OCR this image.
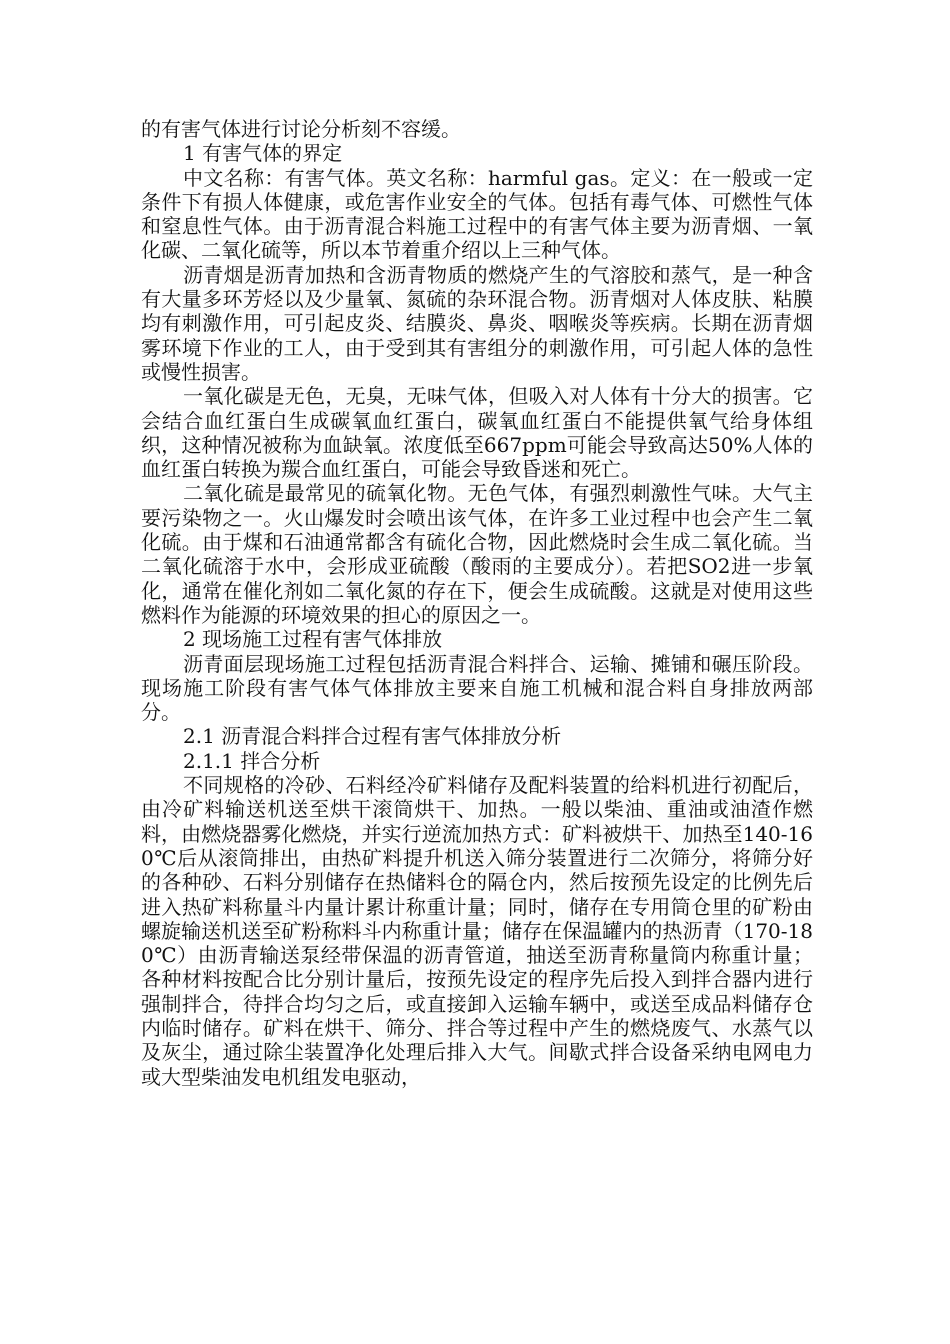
的有害气体进行讨论分析刻不容缓。

1 有害气体的界定

中文名称：有害气体。英文名称：harmful gas。定义：在一般或一定条件下有损人体健康，或危害作业安全的气体。包括有毒气体、可燃性气体和窒息性气体。由于沥青混合料施工过程中的有害气体主要为沥青烟、一氧化碳、二氧化硫等，所以本节着重介绍以上三种气体。

沥青烟是沥青加热和含沥青物质的燃烧产生的气溶胶和蒸气，是一种含有大量多环芳烃以及少量氧、氮硫的杂环混合物。沥青烟对人体皮肤、粘膜均有刺激作用，可引起皮炎、结膜炎、鼻炎、咽喉炎等疾病。长期在沥青烟雾环境下作业的工人，由于受到其有害组分的刺激作用，可引起人体的急性或慢性损害。

一氧化碳是无色，无臭，无味气体，但吸入对人体有十分大的损害。它会结合血红蛋白生成碳氧血红蛋白，碳氧血红蛋白不能提供氧气给身体组织，这种情况被称为血缺氧。浓度低至667ppm可能会导致高达50%人体的血红蛋白转换为羰合血红蛋白，可能会导致昏迷和死亡。

二氧化硫是最常见的硫氧化物。无色气体，有强烈刺激性气味。大气主要污染物之一。火山爆发时会喷出该气体，在许多工业过程中也会产生二氧化硫。由于煤和石油通常都含有硫化合物，因此燃烧时会生成二氧化硫。当二氧化硫溶于水中，会形成亚硫酸（酸雨的主要成分）。若把SO2进一步氧化，通常在催化剂如二氧化氮的存在下，便会生成硫酸。这就是对使用这些燃料作为能源的环境效果的担心的原因之一。

2 现场施工过程有害气体排放

沥青面层现场施工过程包括沥青混合料拌合、运输、摊铺和碾压阶段。现场施工阶段有害气体气体排放主要来自施工机械和混合料自身排放两部分。

2.1 沥青混合料拌合过程有害气体排放分析

2.1.1 拌合分析

不同规格的冷砂、石料经冷矿料储存及配料装置的给料机进行初配后，由冷矿料输送机送至烘干滚筒烘干、加热。一般以柴油、重油或油渣作燃料，由燃烧器雾化燃烧，并实行逆流加热方式：矿料被烘干、加热至140-160℃后从滚筒排出，由热矿料提升机送入筛分装置进行二次筛分，将筛分好的各种砂、石料分别储存在热储料仓的隔仓内，然后按预先设定的比例先后进入热矿料称量斗内量计累计称重计量；同时，储存在专用筒仓里的矿粉由螺旋输送机送至矿粉称料斗内称重计量；储存在保温罐内的热沥青（170-180℃）由沥青输送泵经带保温的沥青管道，抽送至沥青称量筒内称重计量；各种材料按配合比分别计量后，按预先设定的程序先后投入到拌合器内进行强制拌合，待拌合均匀之后，或直接卸入运输车辆中，或送至成品料储存仓内临时储存。矿料在烘干、筛分、拌合等过程中产生的燃烧废气、水蒸气以及灰尘，通过除尘装置净化处理后排入大气。间歇式拌合设备采纳电网电力或大型柴油发电机组发电驱动，
